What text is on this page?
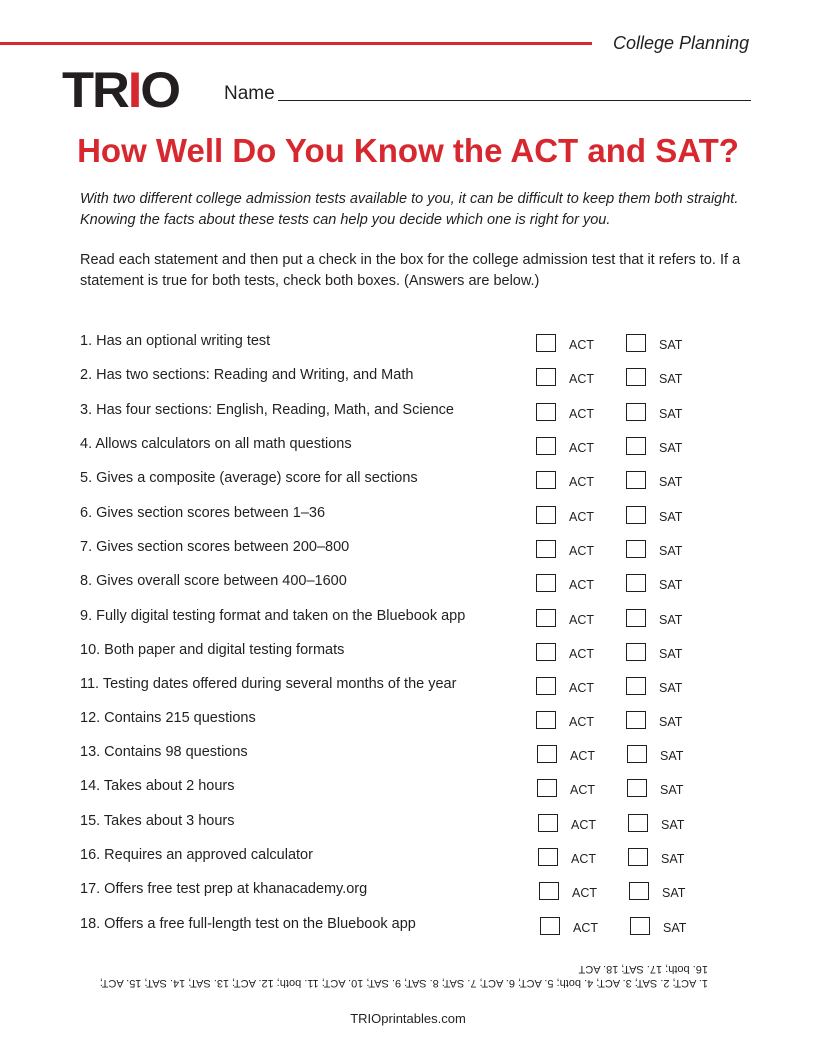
College Planning
TRIO Name
How Well Do You Know the ACT and SAT?
With two different college admission tests available to you, it can be difficult to keep them both straight. Knowing the facts about these tests can help you decide which one is right for you.
Read each statement and then put a check in the box for the college admission test that it refers to. If a statement is true for both tests, check both boxes. (Answers are below.)
1. Has an optional writing test	ACT	SAT
2. Has two sections: Reading and Writing, and Math	ACT	SAT
3. Has four sections: English, Reading, Math, and Science	ACT	SAT
4. Allows calculators on all math questions	ACT	SAT
5. Gives a composite (average) score for all sections	ACT	SAT
6. Gives section scores between 1–36	ACT	SAT
7. Gives section scores between 200–800	ACT	SAT
8. Gives overall score between 400–1600	ACT	SAT
9. Fully digital testing format and taken on the Bluebook app	ACT	SAT
10. Both paper and digital testing formats	ACT	SAT
11. Testing dates offered during several months of the year	ACT	SAT
12. Contains 215 questions	ACT	SAT
13. Contains 98 questions	ACT	SAT
14. Takes about 2 hours	ACT	SAT
15. Takes about 3 hours	ACT	SAT
16. Requires an approved calculator	ACT	SAT
17. Offers free test prep at khanacademy.org	ACT	SAT
18. Offers a free full-length test on the Bluebook app	ACT	SAT
1. ACT; 2. SAT; 3. ACT; 4. both; 5. ACT; 6. ACT; 7. SAT; 8. SAT; 9. SAT; 10. ACT; 11. both; 12. ACT; 13. SAT; 14. SAT; 15. ACT; 16. both; 17. SAT; 18. ACT
TRIOprintables.com
